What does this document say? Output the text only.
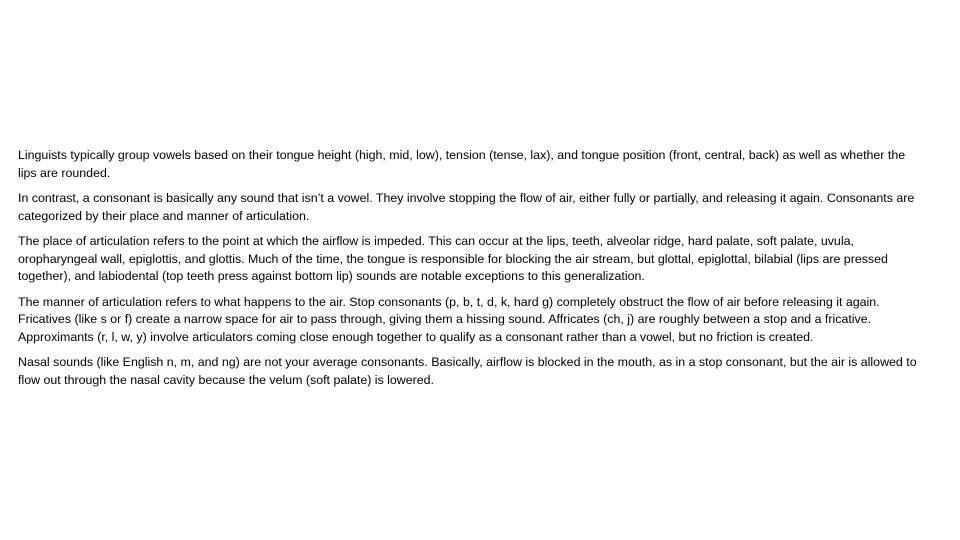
Linguists typically group vowels based on their tongue height (high, mid, low), tension (tense, lax), and tongue position (front, central, back) as well as whether the lips are rounded.

In contrast, a consonant is basically any sound that isn’t a vowel. They involve stopping the flow of air, either fully or partially, and releasing it again. Consonants are categorized by their place and manner of articulation.

The place of articulation refers to the point at which the airflow is impeded. This can occur at the lips, teeth, alveolar ridge, hard palate, soft palate, uvula, oropharyngeal wall, epiglottis, and glottis. Much of the time, the tongue is responsible for blocking the air stream, but glottal, epiglottal, bilabial (lips are pressed together), and labiodental (top teeth press against bottom lip) sounds are notable exceptions to this generalization.

The manner of articulation refers to what happens to the air. Stop consonants (p, b, t, d, k, hard g) completely obstruct the flow of air before releasing it again. Fricatives (like s or f) create a narrow space for air to pass through, giving them a hissing sound. Affricates (ch, j) are roughly between a stop and a fricative. Approximants (r, l, w, y) involve articulators coming close enough together to qualify as a consonant rather than a vowel, but no friction is created.

Nasal sounds (like English n, m, and ng) are not your average consonants. Basically, airflow is blocked in the mouth, as in a stop consonant, but the air is allowed to flow out through the nasal cavity because the velum (soft palate) is lowered.
